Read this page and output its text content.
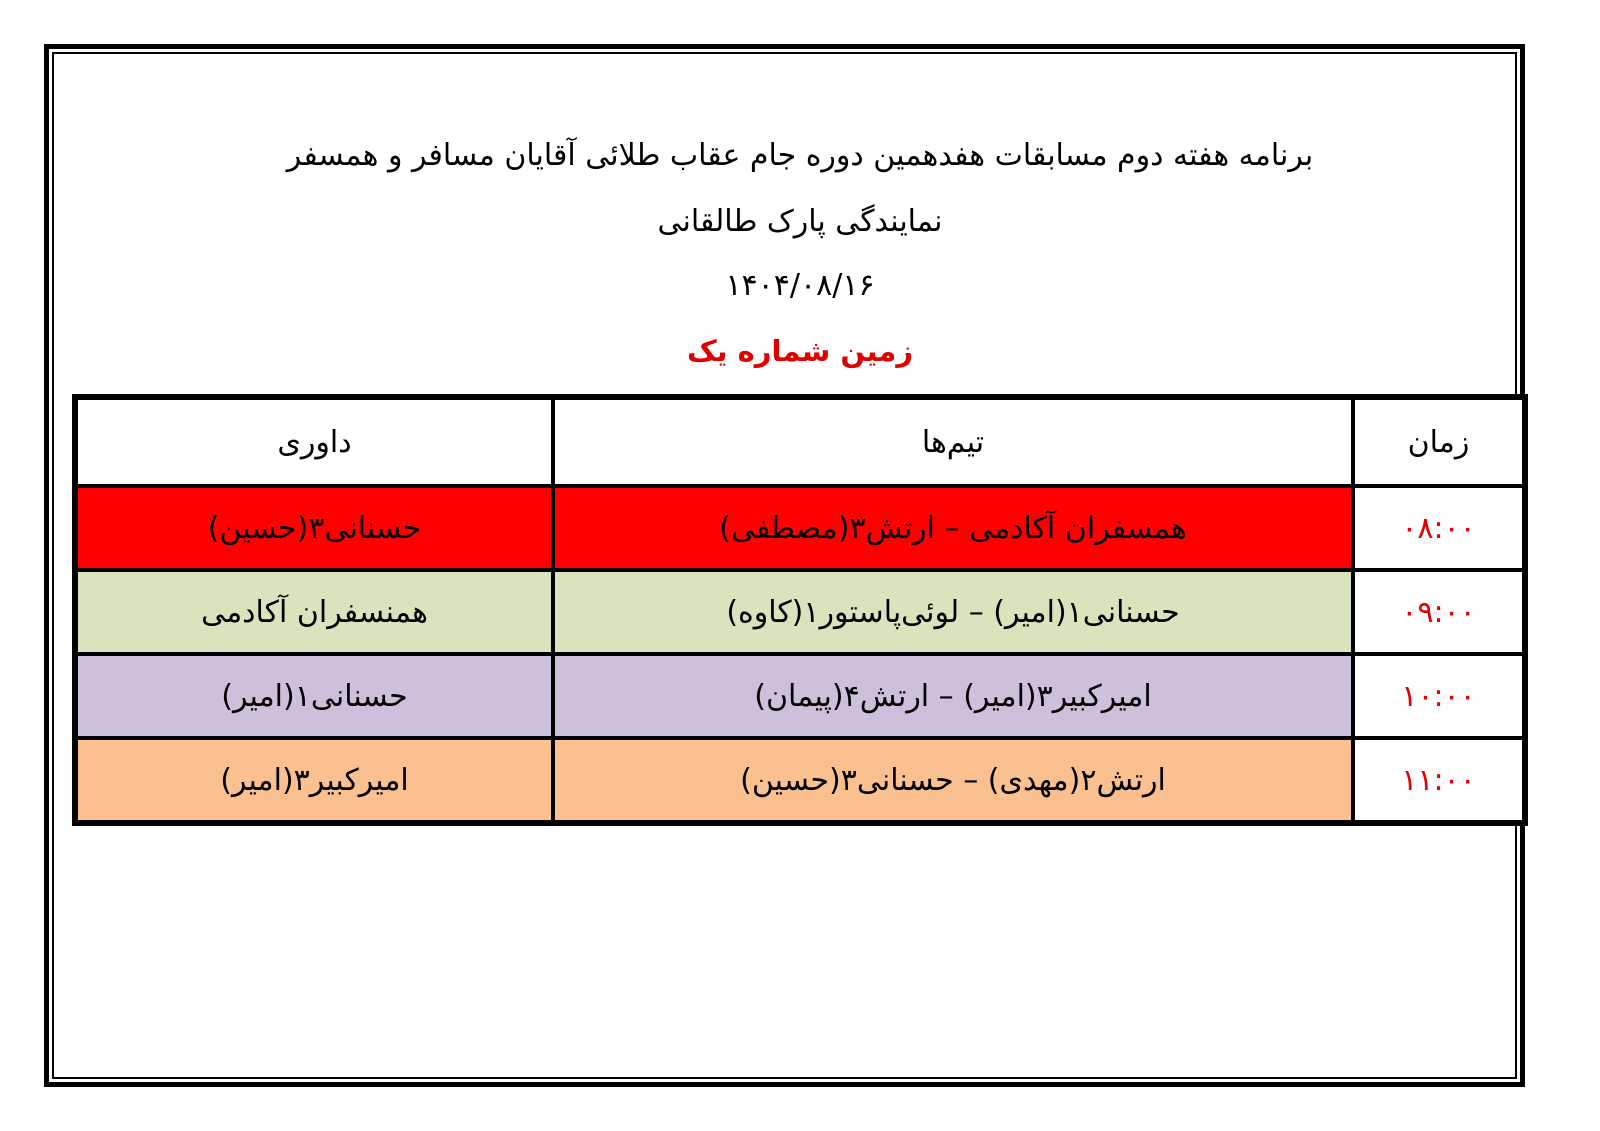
برنامه هفته دوم مسابقات هفدهمین دوره جام عقاب طلائی آقایان مسافر و همسفر

نمایندگی پارک طالقانی

۱۴۰۴/۰۸/۱۶

زمین شماره یک

زمان	تیم‌ها	داوری
۰۸:۰۰	همسفران آکادمی – ارتش۳(مصطفی)	حسنانی۳(حسین)
۰۹:۰۰	حسنانی۱(امیر) – لوئی‌پاستور۱(کاوه)	همنسفران آکادمی
۱۰:۰۰	امیرکبیر۳(امیر) – ارتش۴(پیمان)	حسنانی۱(امیر)
۱۱:۰۰	ارتش۲(مهدی) – حسنانی۳(حسین)	امیرکبیر۳(امیر)
